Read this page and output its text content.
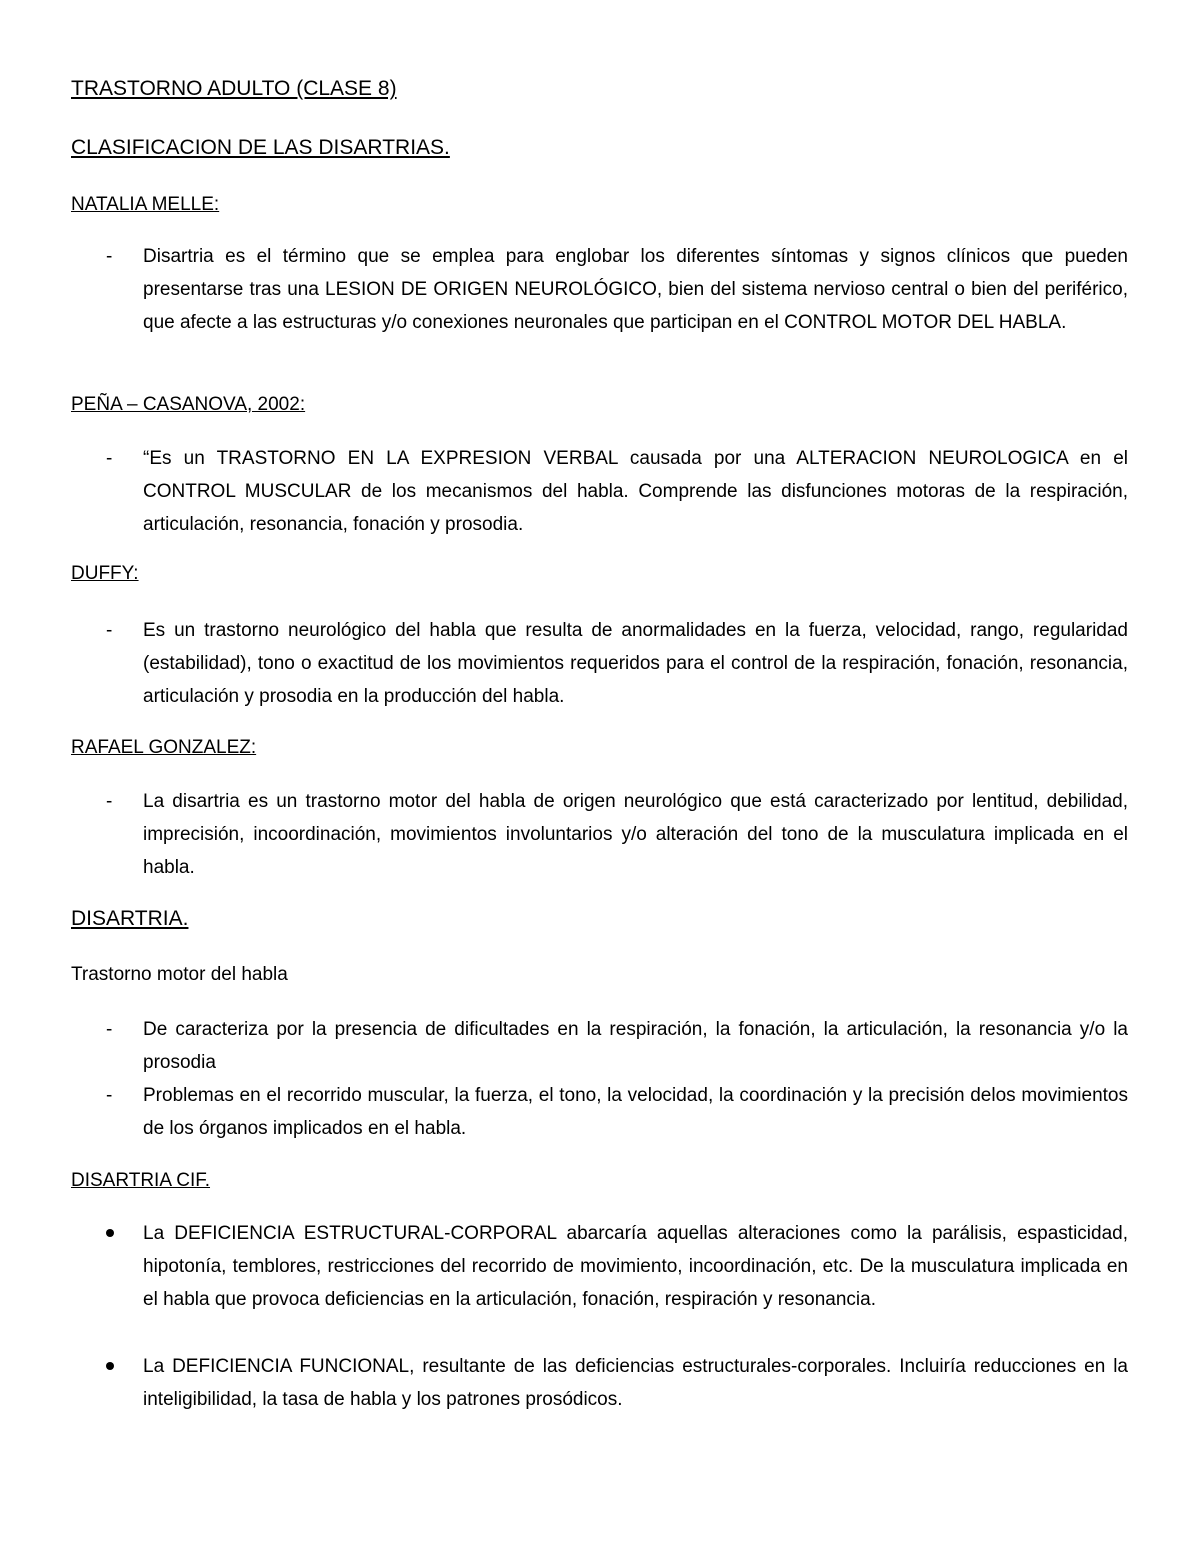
TRASTORNO ADULTO (CLASE 8)
CLASIFICACION DE LAS DISARTRIAS.
NATALIA MELLE:
- Disartria es el término que se emplea para englobar los diferentes síntomas y signos clínicos que pueden presentarse tras una LESION DE ORIGEN NEUROLÓGICO, bien del sistema nervioso central o bien del periférico, que afecte a las estructuras y/o conexiones neuronales que participan en el CONTROL MOTOR DEL HABLA.
PEÑA – CASANOVA, 2002:
- “Es un TRASTORNO EN LA EXPRESION VERBAL causada por una ALTERACION NEUROLOGICA en el CONTROL MUSCULAR de los mecanismos del habla. Comprende las disfunciones motoras de la respiración, articulación, resonancia, fonación y prosodia.
DUFFY:
- Es un trastorno neurológico del habla que resulta de anormalidades en la fuerza, velocidad, rango, regularidad (estabilidad), tono o exactitud de los movimientos requeridos para el control de la respiración, fonación, resonancia, articulación y prosodia en la producción del habla.
RAFAEL GONZALEZ:
- La disartria es un trastorno motor del habla de origen neurológico que está caracterizado por lentitud, debilidad, imprecisión, incoordinación, movimientos involuntarios y/o alteración del tono de la musculatura implicada en el habla.
DISARTRIA.
Trastorno motor del habla
- De caracteriza por la presencia de dificultades en la respiración, la fonación, la articulación, la resonancia y/o la prosodia
- Problemas en el recorrido muscular, la fuerza, el tono, la velocidad, la coordinación y la precisión delos movimientos de los órganos implicados en el habla.
DISARTRIA CIF.
La DEFICIENCIA ESTRUCTURAL-CORPORAL abarcaría aquellas alteraciones como la parálisis, espasticidad, hipotonía, temblores, restricciones del recorrido de movimiento, incoordinación, etc. De la musculatura implicada en el habla que provoca deficiencias en la articulación, fonación, respiración y resonancia.
La DEFICIENCIA FUNCIONAL, resultante de las deficiencias estructurales-corporales. Incluiría reducciones en la inteligibilidad, la tasa de habla y los patrones prosódicos.
